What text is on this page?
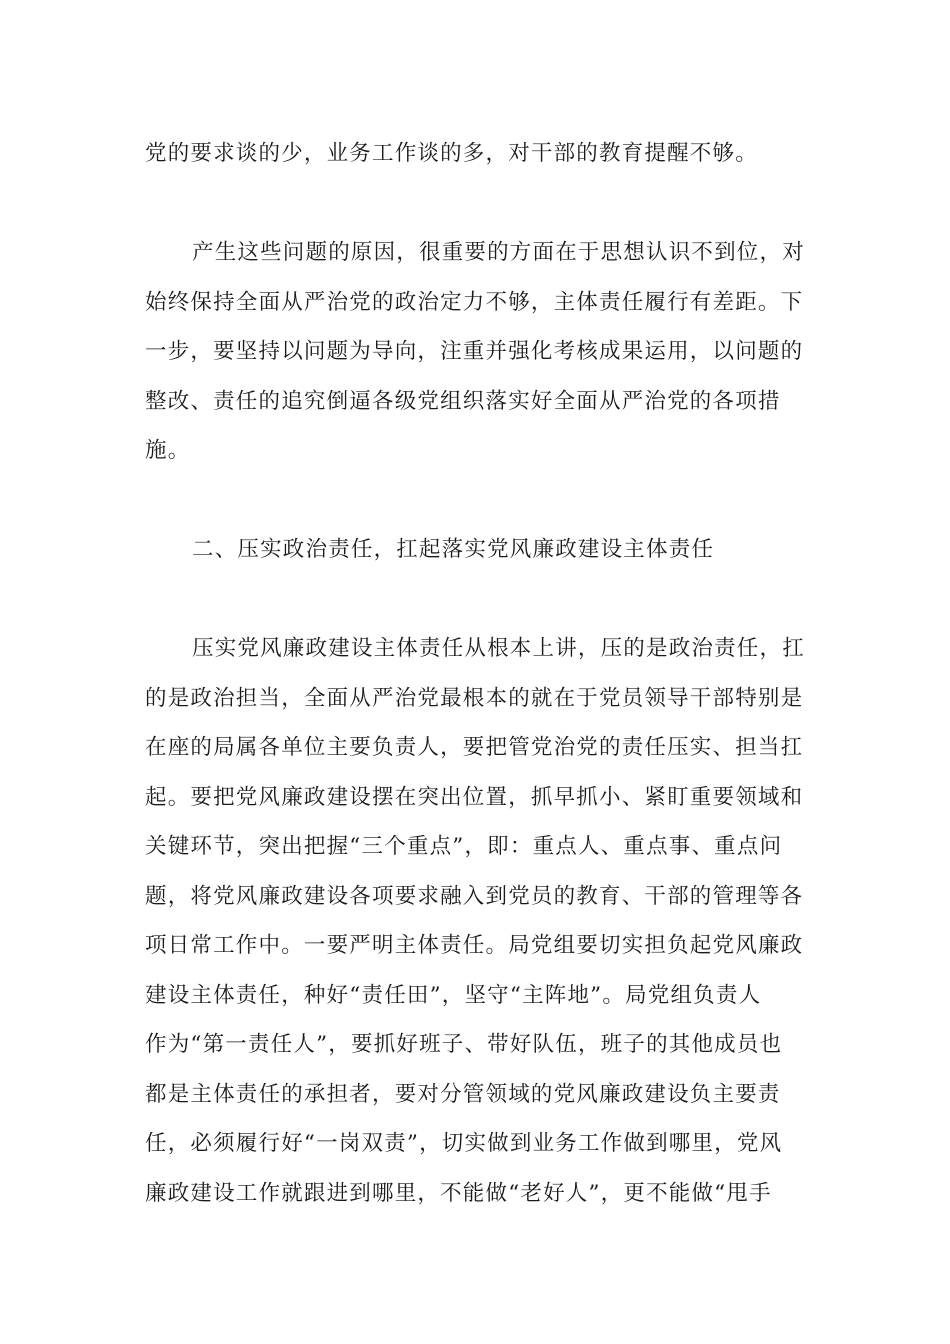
党的要求谈的少，业务工作谈的多，对干部的教育提醒不够。
产生这些问题的原因，很重要的方面在于思想认识不到位，对
始终保持全面从严治党的政治定力不够，主体责任履行有差距。下
一步，要坚持以问题为导向，注重并强化考核成果运用，以问题的
整改、责任的追究倒逼各级党组织落实好全面从严治党的各项措
施。
二、压实政治责任，扛起落实党风廉政建设主体责任
压实党风廉政建设主体责任从根本上讲，压的是政治责任，扛
的是政治担当，全面从严治党最根本的就在于党员领导干部特别是
在座的局属各单位主要负责人，要把管党治党的责任压实、担当扛
起。要把党风廉政建设摆在突出位置，抓早抓小、紧盯重要领域和
关键环节，突出把握“三个重点”，即：重点人、重点事、重点问
题，将党风廉政建设各项要求融入到党员的教育、干部的管理等各
项日常工作中。一要严明主体责任。局党组要切实担负起党风廉政
建设主体责任，种好“责任田”，坚守“主阵地”。局党组负责人
作为“第一责任人”，要抓好班子、带好队伍，班子的其他成员也
都是主体责任的承担者，要对分管领域的党风廉政建设负主要责
任，必须履行好“一岗双责”，切实做到业务工作做到哪里，党风
廉政建设工作就跟进到哪里，不能做“老好人”，更不能做“甩手
